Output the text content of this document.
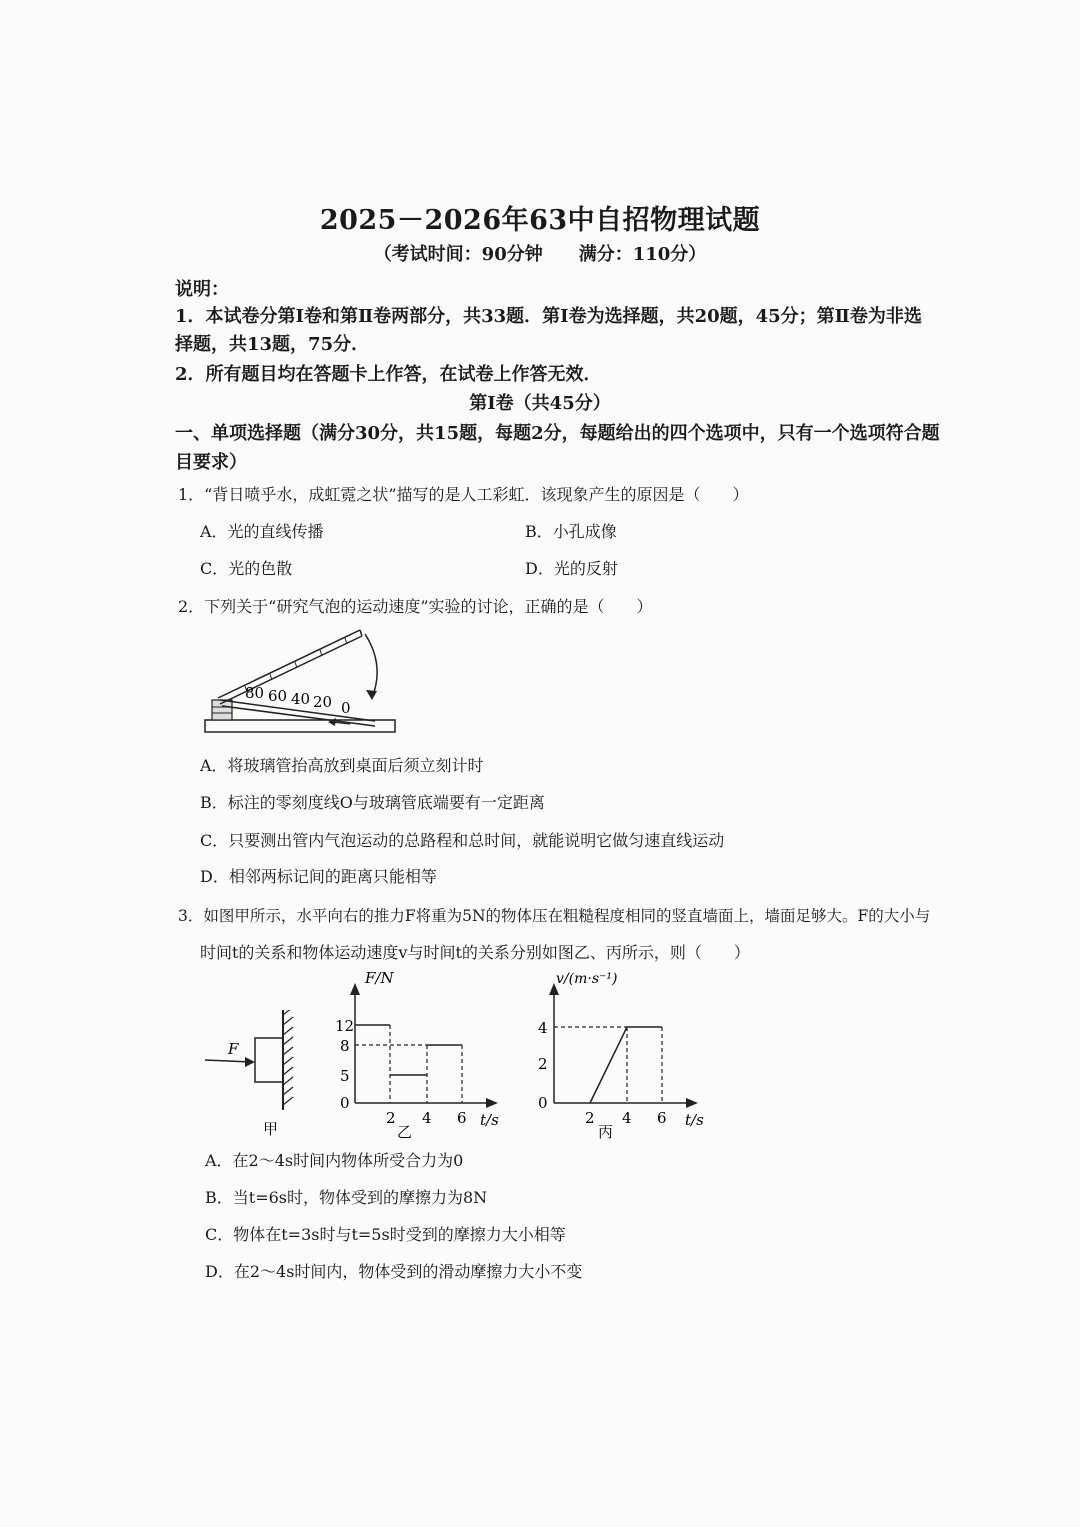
2025－2026年63中自招物理试题
（考试时间：90分钟　　满分：110分）
说明：
1．本试卷分第Ⅰ卷和第Ⅱ卷两部分，共33题．第Ⅰ卷为选择题，共20题，45分；第Ⅱ卷为非选
择题，共13题，75分．
2．所有题目均在答题卡上作答，在试卷上作答无效．
第Ⅰ卷（共45分）
一、单项选择题（满分30分，共15题，每题2分，每题给出的四个选项中，只有一个选项符合题
目要求）
1．“背日喷乎水，成虹霓之状”描写的是人工彩虹．该现象产生的原因是（　　）
A．光的直线传播	B．小孔成像
C．光的色散	D．光的反射
2．下列关于“研究气泡的运动速度”实验的讨论，正确的是（　　）
80 60 40 20 0
A．将玻璃管抬高放到桌面后须立刻计时
B．标注的零刻度线O与玻璃管底端要有一定距离
C．只要测出管内气泡运动的总路程和总时间，就能说明它做匀速直线运动
D．相邻两标记间的距离只能相等
3．如图甲所示，水平向右的推力F将重为5N的物体压在粗糙程度相同的竖直墙面上，墙面足够大。F的大小与
时间t的关系和物体运动速度v与时间t的关系分别如图乙、丙所示，则（　　）
F
甲
F/N
12
8
5
0
2 4 6 t/s
乙
v/(m·s⁻¹)
4
2
0
2 4 6 t/s
丙
A．在2～4s时间内物体所受合力为0
B．当t=6s时，物体受到的摩擦力为8N
C．物体在t=3s时与t=5s时受到的摩擦力大小相等
D．在2～4s时间内，物体受到的滑动摩擦力大小不变
